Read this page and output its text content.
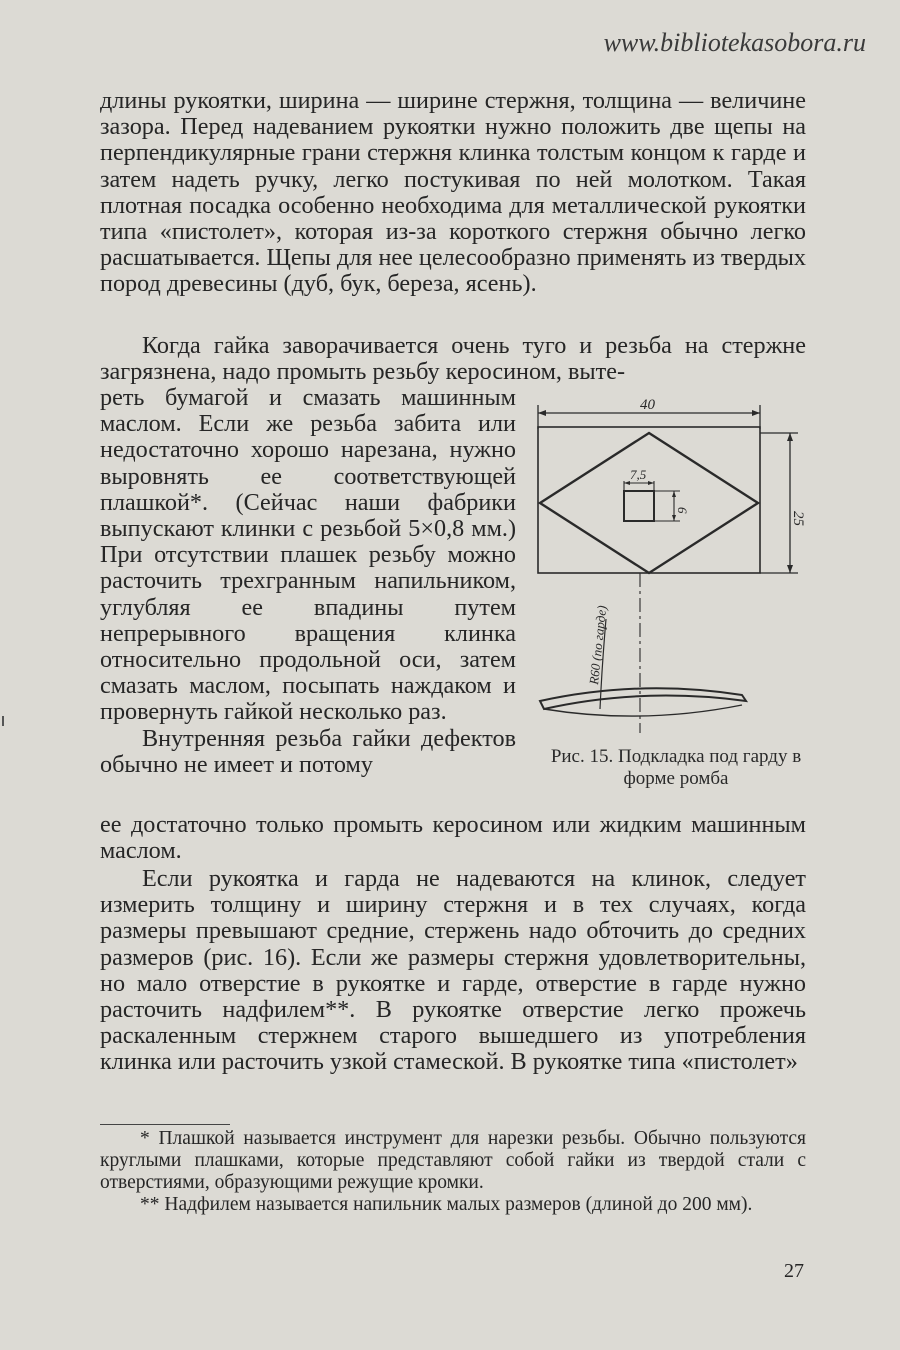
www.bibliotekasobora.ru

длины рукоятки, ширина — ширине стержня, толщина — величине зазора. Перед надеванием рукоятки нужно положить две щепы на перпендикулярные грани стержня клинка толстым концом к гарде и затем надеть ручку, легко постукивая по ней молотком. Такая плотная посадка особенно необходима для металлической рукоятки типа «пистолет», которая из-за короткого стержня обычно легко расшатывается. Щепы для нее целесообразно применять из твердых пород древесины (дуб, бук, береза, ясень).

Когда гайка заворачивается очень туго и резьба на стержне загрязнена, надо промыть резьбу керосином, выте-

реть бумагой и смазать машинным маслом. Если же резьба забита или недостаточно хорошо нарезана, нужно выровнять ее соответствующей плашкой*. (Сейчас наши фабрики выпускают клинки с резьбой 5×0,8 мм.) При отсутствии плашек резьбу можно расточить трехгранным напильником, углубляя ее впадины путем непрерывного вращения клинка относительно продольной оси, затем смазать маслом, посыпать наждаком и провернуть гайкой несколько раз.

Внутренняя резьба гайки дефектов обычно не имеет и потому

40
25
7,5
6
R60 (по гарде)
Рис. 15. Подкладка под гарду в форме ромба

ее достаточно только промыть керосином или жидким машинным маслом.

Если рукоятка и гарда не надеваются на клинок, следует измерить толщину и ширину стержня и в тех случаях, когда размеры превышают средние, стержень надо обточить до средних размеров (рис. 16). Если же размеры стержня удовлетворительны, но мало отверстие в рукоятке и гарде, отверстие в гарде нужно расточить надфилем**. В рукоятке отверстие легко прожечь раскаленным стержнем старого вышедшего из употребления клинка или расточить узкой стамеской. В рукоятке типа «пистолет»

* Плашкой называется инструмент для нарезки резьбы. Обычно пользуются круглыми плашками, которые представляют собой гайки из твердой стали с отверстиями, образующими режущие кромки.

** Надфилем называется напильник малых размеров (длиной до 200 мм).

27
